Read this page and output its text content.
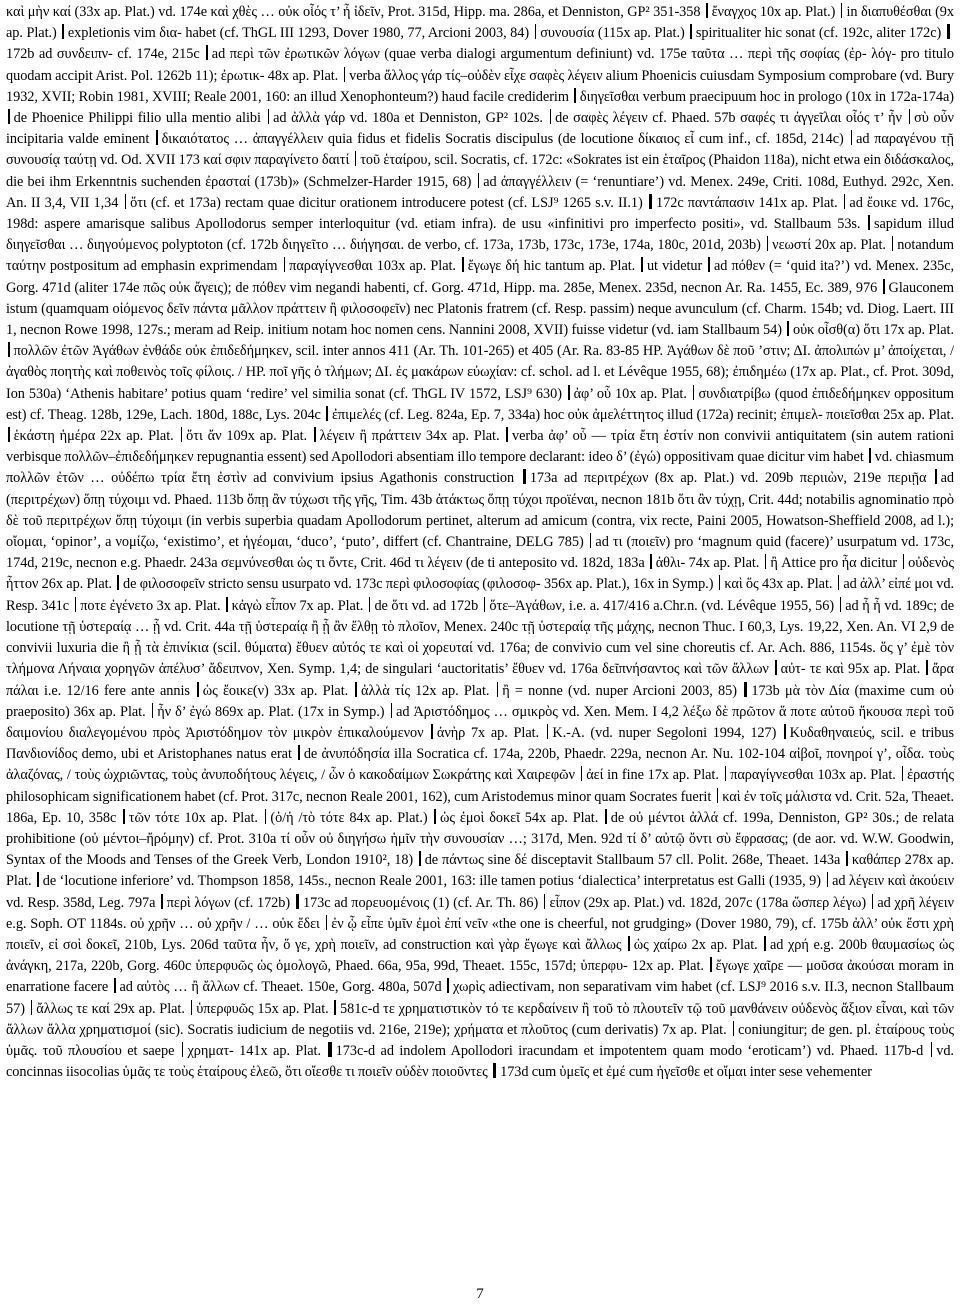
καὶ μὴν καί (33x ap. Plat.) vd. 174e καὶ χθὲς … οὐκ οἷός τ’ ἦ ἰδεῖν, Prot. 315d, Hipp. ma. 286a, et Denniston, GP² 351-358 ἔναγχος 10x ap. Plat.) in διαπυθέσθαι (9x ap. Plat.) expletionis vim δια- habet (cf. ThGL III 1293, Dover 1980, 77, Arcioni 2003, 84) συνουσία (115x ap. Plat.) spiritualiter hic sonat (cf. 192c, aliter 172c) 172b ad συνδειπν- cf. 174e, 215c ad περὶ τῶν ἐρωτικῶν λόγων (quae verba dialogi argumentum definiunt) vd. 175e ταῦτα … περὶ τῆς σοφίας (ἐρ- λόγ- pro titulo quodam accipit Arist. Pol. 1262b 11); ἐρωτικ- 48x ap. Plat. verba ἄλλος γάρ τίς–οὐδὲν εἶχε σαφὲς λέγειν alium Phoenicis cuiusdam Symposium comprobare (vd. Bury 1932, XVII; Robin 1981, XVIII; Reale 2001, 160: an illud Xenophonteum?) haud facile crediderim διηγεῖσθαι verbum praecipuum hoc in prologo (10x in 172a-174a) de Phoenice Philippi filio ulla mentio alibi ad ἀλλὰ γάρ vd. 180a et Denniston, GP² 102s. de σαφὲς λέγειν cf. Phaed. 57b σαφές τι ἀγγεῖλαι οἷός τ’ ἦν σὺ οὖν incipitaria valde eminent δικαιότατος … ἀπαγγέλλειν quia fidus et fidelis Socratis discipulus (de locutione δίκαιος εἶ cum inf., cf. 185d, 214c) ad παραγένου τῇ συνουσίᾳ ταύτῃ vd. Od. XVII 173 καί σφιν παραγίνετο δαιτί τοῦ ἑταίρου, scil. Socratis, cf. 172c: «Sokrates ist ein ἑταῖρος (Phaidon 118a), nicht etwa ein διδάσκαλος, die bei ihm Erkenntnis suchenden ἐρασταί (173b)» (Schmelzer-Harder 1915, 68) ad ἀπαγγέλλειν (= ‘renuntiare’) vd. Menex. 249e, Criti. 108d, Euthyd. 292c, Xen. An. II 3,4, VII 1,34 ὅτι (cf. et 173a) rectam quae dicitur orationem introducere potest (cf. LSJ⁹ 1265 s.v. II.1) 172c παντάπασιν 141x ap. Plat. ad ἔοικε vd. 176c, 198d: aspere amarisque salibus Apollodorus semper interloquitur (vd. etiam infra). de usu «infinitivi pro imperfecto positi», vd. Stallbaum 53s. sapidum illud διηγεῖσθαι … διηγούμενος polyptoton (cf. 172b διηγεῖτο … διήγησαι. de verbo, cf. 173a, 173b, 173c, 173e, 174a, 180c, 201d, 203b) νεωστί 20x ap. Plat. notandum ταύτην postpositum ad emphasin exprimendam παραγίγνεσθαι 103x ap. Plat. ἔγωγε δή hic tantum ap. Plat. ut videtur ad πόθεν (= ‘quid ita?’) vd. Menex. 235c, Gorg. 471d (aliter 174e πῶς οὐκ ἄγεις); de πόθεν vim negandi habenti, cf. Gorg. 471d, Hipp. ma. 285e, Menex. 235d, necnon Ar. Ra. 1455, Ec. 389, 976 Glauconem istum (quamquam οἰόμενος δεῖν πάντα μᾶλλον πράττειν ἢ φιλοσοφεῖν) nec Platonis fratrem (cf. Resp. passim) neque avunculum (cf. Charm. 154b; vd. Diog. Laert. III 1, necnon Rowe 1998, 127s.; meram ad Reip. initium notam hoc nomen cens. Nannini 2008, XVII) fuisse videtur (vd. iam Stallbaum 54) οὐκ οἶσθ(α) ὅτι 17x ap. Plat. πολλῶν ἐτῶν Ἀγάθων ἐνθάδε οὐκ ἐπιδεδήμηκεν, scil. inter annos 411 (Ar. Th. 101-265) et 405 (Ar. Ra. 83-85 HP. Ἀγάθων δὲ ποῦ ’στιν; ΔΙ. ἀπολιπών μ’ ἀποίχεται, / ἀγαθὸς ποητὴς καὶ ποθεινὸς τοῖς φίλοις. / HP. ποῖ γῆς ὁ τλήμων; ΔΙ. ἐς μακάρων εὐωχίαν: cf. schol. ad l. et Lévêque 1955, 68); ἐπιδημέω (17x ap. Plat., cf. Prot. 309d, Ion 530a) ‘Athenis habitare’ potius quam ‘redire’ vel similia sonat (cf. ThGL IV 1572, LSJ⁹ 630) ἀφ’ οὗ 10x ap. Plat. συνδιατρίβω (quod ἐπιδεδήμηκεν oppositum est) cf. Theag. 128b, 129e, Lach. 180d, 188c, Lys. 204c ἐπιμελές (cf. Leg. 824a, Ep. 7, 334a) hoc οὐκ ἀμελέττητος illud (172a) recinit; ἐπιμελ- ποιεῖσθαι 25x ap. Plat. ἑκάστη ἡμέρα 22x ap. Plat. ὅτι ἄν 109x ap. Plat. λέγειν ἢ πράττειν 34x ap. Plat. verba ἀφ’ οὗ — τρία ἔτη ἐστίν non convivii antiquitatem (sin autem rationi verbisque πολλῶν–ἐπιδεδήμηκεν repugnantia essent) sed Apollodori absentiam illo tempore declarant: ideo δ’ (ἐγώ) oppositivam quae dicitur vim habet vd. chiasmum πολλῶν ἐτῶν … οὐδέπω τρία ἔτη ἐστὶν ad convivium ipsius Agathonis construction 173a ad περιτρέχων (8x ap. Plat.) vd. 209b περιιὼν, 219e περιῇα ad (περιτρέχων) ὅπῃ τύχοιμι vd. Phaed. 113b ὅπῃ ἂν τύχωσι τῆς γῆς, Tim. 43b ἀτάκτως ὅπῃ τύχοι προϊέναι, necnon 181b ὅτι ἂν τύχῃ, Crit. 44d; notabilis agnominatio πρὸ δὲ τοῦ περιτρέχων ὅπῃ τύχοιμι (in verbis superbia quadam Apollodorum pertinet, alterum ad amicum (contra, vix recte, Paini 2005, Howatson-Sheffield 2008, ad l.); οἴομαι, ‘opinor’, a νομίζω, ‘existimo’, et ἡγέομαι, ‘duco’, ‘puto’, differt (cf. Chantraine, DELG 785) ad τι (ποιεῖν) pro ‘magnum quid (facere)’ usurpatum vd. 173c, 174d, 219c, necnon e.g. Phaedr. 243a σεμνύνεσθαι ὡς τι ὄντε, Crit. 46d τι λέγειν (de ti anteposito vd. 182d, 183a ἀθλι- 74x ap. Plat. ἢ Attice pro ἦα dicitur οὐδενὸς ἧττον 26x ap. Plat. de φιλοσοφεῖν stricto sensu usurpato vd. 173c περὶ φιλοσοφίας (φιλοσοφ- 356x ap. Plat.), 16x in Symp.) καὶ ὅς 43x ap. Plat. ad ἀλλ’ εἰπέ μοι vd. Resp. 341c ποτε ἐγένετο 3x ap. Plat. κἀγὼ εἶπον 7x ap. Plat. de ὅτι vd. ad 172b ὅτε–Ἀγάθων, i.e. a. 417/416 a.Chr.n. (vd. Lévêque 1955, 56) ad ἦ ἦ vd. 189c; de locutione τῇ ὑστεραίᾳ … ᾗ vd. Crit. 44a τῇ ὑστεραίᾳ ἢ ᾗ ἂν ἔλθῃ τὸ πλοῖον, Menex. 240c τῇ ὑστεραίᾳ τῆς μάχης, necnon Thuc. I 60,3, Lys. 19,22, Xen. An. VI 2,9 de convivii luxuria die ἢ ᾗ τὰ ἐπινίκια (scil. θύματα) ἔθυεν αὐτός τε καὶ οἱ χορευταί vd. 176a; de convivio cum vel sine choreutis cf. Ar. Ach. 886, 1154s. ὅς γ’ ἐμὲ τὸν τλήμονα Λήναια χορηγῶν ἀπέλυσ’ ἄδειπνον, Xen. Symp. 1,4; de singulari ‘auctoritatis’ ἔθυεν vd. 176a δεῖπνήσαντος καὶ τῶν ἄλλων αὐτ- τε καὶ 95x ap. Plat. ἄρα πάλαι i.e. 12/16 fere ante annis ὡς ἔοικε(ν) 33x ap. Plat. ἀλλὰ τίς 12x ap. Plat. ἢ = nonne (vd. nuper Arcioni 2003, 85) 173b μὰ τὸν Δία (maxime cum οὐ praeposito) 36x ap. Plat. ἦν δ’ ἐγώ 869x ap. Plat. (17x in Symp.) ad Ἀριστόδημος … σμικρὸς vd. Xen. Mem. I 4,2 λέξω δὲ πρῶτον ἅ ποτε αὐτοῦ ἤκουσα περὶ τοῦ δαιμονίου διαλεγομένου πρὸς Ἀριστόδημον τὸν μικρὸν ἐπικαλούμενον ἀνὴρ 7x ap. Plat. Κ.-A. (vd. nuper Segoloni 1994, 127) Κυδαθηναιεύς, scil. e tribus Πανδιονίδος demo, ubi et Aristophanes natus erat de ἀνυπόδησία illa Socratica cf. 174a, 220b, Phaedr. 229a, necnon Ar. Nu. 102-104 αἰβοῖ, πονηροί γ’, οἶδα. τοὺς ἀλαζόνας, / τοὺς ὠχριῶντας, τοὺς ἀνυποδήτους λέγεις, / ὧν ὁ κακοδαίμων Σωκράτης καὶ Χαιρεφῶν ἀεί in fine 17x ap. Plat. παραγίγνεσθαι 103x ap. Plat. ἐραστής philosophicam significationem habet (cf. Prot. 317c, necnon Reale 2001, 162), cum Aristodemus minor quam Socrates fuerit καὶ ἐν τοῖς μάλιστα vd. Crit. 52a, Theaet. 186a, Ep. 10, 358c τῶν τότε 10x ap. Plat. (ὁ/ἡ /τὸ τότε 84x ap. Plat.) ὡς ἐμοὶ δοκεῖ 54x ap. Plat. de οὐ μέντοι ἀλλά cf. 199a, Denniston, GP² 30s.; de relata prohibitione (οὐ μέντοι–ἤρόμην) cf. Prot. 310a τί οὖν οὐ διηγήσω ἡμῖν τὴν συνουσίαν …; 317d, Men. 92d τί δ’ αὐτῷ ὄντι σὺ ἔφρασας; (de aor. vd. W.W. Goodwin, Syntax of the Moods and Tenses of the Greek Verb, London 1910², 18) de πάντως sine δέ disceptavit Stallbaum 57 cll. Polit. 268e, Theaet. 143a καθάπερ 278x ap. Plat. de ‘locutione inferiore’ vd. Thompson 1858, 145s., necnon Reale 2001, 163: ille tamen potius ‘dialectica’ interpretatus est Galli (1935, 9) ad λέγειν καὶ ἀκούειν vd. Resp. 358d, Leg. 797a περὶ λόγων (cf. 172b) 173c ad πορευομένοις (1) (cf. Ar. Th. 86) εἶπον (29x ap. Plat.) vd. 182d, 207c (178a ὥσπερ λέγω) ad χρῆ λέγειν e.g. Soph. OT 1184s. οὐ χρῆν … οὐ χρῆν / … οὐκ ἔδει ἐν ᾧ εἶπε ὑμῖν ἐμοὶ ἐπί νεῖν «the one is cheerful, not grudging» (Dover 1980, 79), cf. 175b ἀλλ’ οὐκ ἔστι χρὴ ποιεῖν, εἰ σοὶ δοκεῖ, 210b, Lys. 206d ταῦτα ἦν, ὅ γε, χρὴ ποιεῖν, ad construction καὶ γὰρ ἔγωγε καὶ ἄλλως ὡς χαίρω 2x ap. Plat. ad χρή e.g. 200b θαυμασίως ὡς ἀνάγκη, 217a, 220b, Gorg. 460c ὑπερφυῶς ὡς ὁμολογῶ, Phaed. 66a, 95a, 99d, Theaet. 155c, 157d; ὑπερφυ- 12x ap. Plat. ἔγωγε χαῖρε — μοῦσα ἀκούσαι moram in enarratione facere ad αὐτὸς … ἢ ἄλλων cf. Theaet. 150e, Gorg. 480a, 507d χωρὶς adiectivam, non separativam vim habet (cf. LSJ⁹ 2016 s.v. II.3, necnon Stallbaum 57) ἄλλως τε καί 29x ap. Plat. ὑπερφυῶς 15x ap. Plat. 581c-d τε χρηματιστικὸν τό τε κερδαίνειν ἢ τοῦ τὸ πλουτεῖν τῷ τοῦ μανθάνειν οὐδενὸς ἄξιον εἶναι, καὶ τῶν ἄλλων ἄλλα χρηματισμοί (sic). Socratis iudicium de negotiis vd. 216e, 219e); χρήματα et πλοῦτος (cum derivatis) 7x ap. Plat. coniungitur; de gen. pl. ἑταίρους τοὺς ὑμᾶς. τοῦ πλουσίου et saepe χρηματ- 141x ap. Plat. 173c-d ad indolem Apollodori iracundam et impotentem quam modo ‘eroticam’) vd. Phaed. 117b-d vd. concinnas iisocolias ὑμᾶς τε τοὺς ἑταίρους ἐλεῶ, ὅτι οἴεσθε τι ποιεῖν οὐδὲν ποιοῦντες 173d cum ὑμεῖς et ἐμέ cum ἡγεῖσθε et οἴμαι inter sese vehementer

7
